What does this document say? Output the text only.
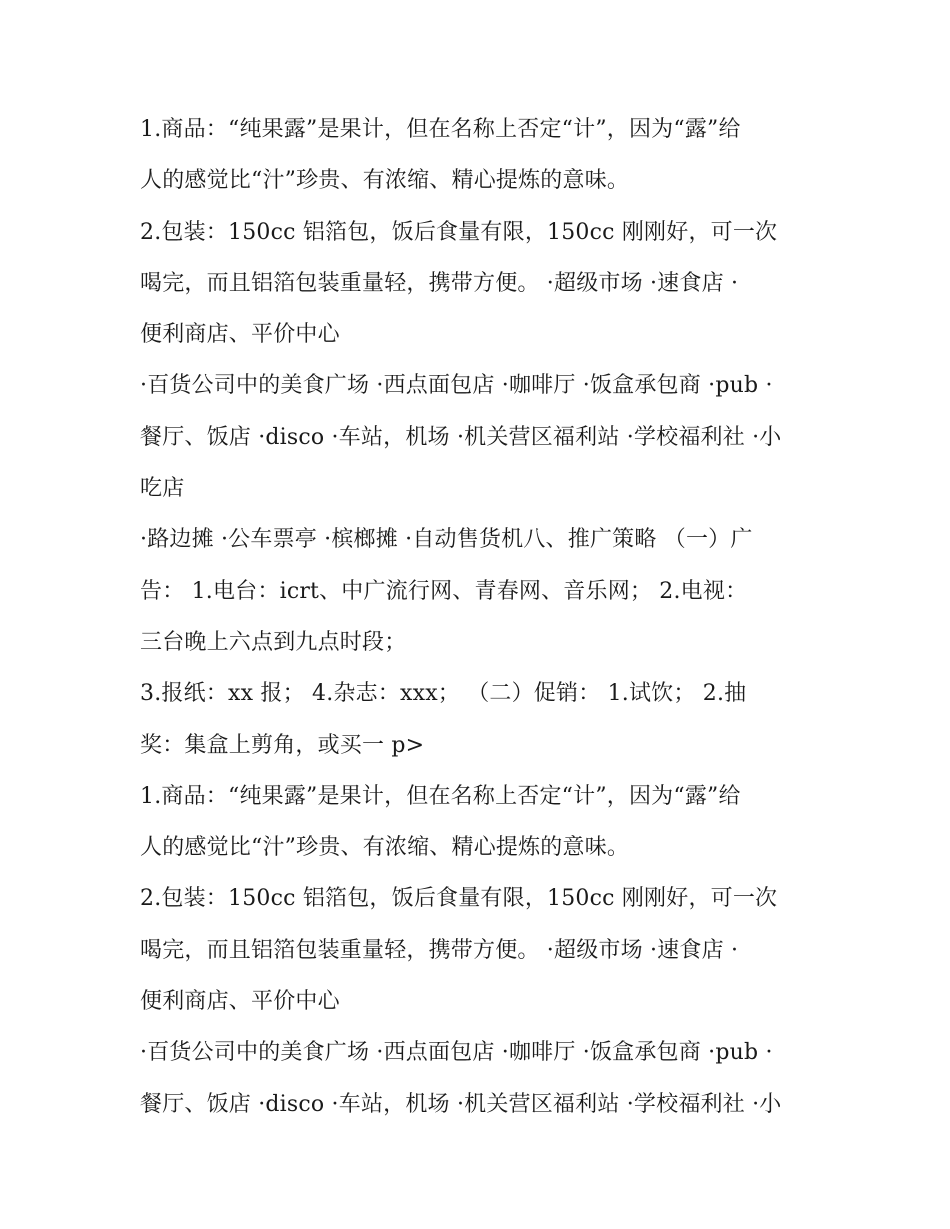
1.商品：“纯果露”是果计，但在名称上否定“计”，因为“露”给
人的感觉比“汁”珍贵、有浓缩、精心提炼的意味。
2.包装：150cc 铝箔包，饭后食量有限，150cc 刚刚好，可一次
喝完，而且铝箔包装重量轻，携带方便。 ·超级市场 ·速食店 ·
便利商店、平价中心
·百货公司中的美食广场 ·西点面包店 ·咖啡厅 ·饭盒承包商 ·pub ·
餐厅、饭店 ·disco ·车站，机场 ·机关营区福利站 ·学校福利社 ·小
吃店
·路边摊 ·公车票亭 ·槟榔摊 ·自动售货机八、推广策略 （一）广
告： 1.电台：icrt、中广流行网、青春网、音乐网； 2.电视：
三台晚上六点到九点时段；
3.报纸：xx 报； 4.杂志：xxx； （二）促销： 1.试饮； 2.抽
奖：集盒上剪角，或买一 p>
1.商品：“纯果露”是果计，但在名称上否定“计”，因为“露”给
人的感觉比“汁”珍贵、有浓缩、精心提炼的意味。
2.包装：150cc 铝箔包，饭后食量有限，150cc 刚刚好，可一次
喝完，而且铝箔包装重量轻，携带方便。 ·超级市场 ·速食店 ·
便利商店、平价中心
·百货公司中的美食广场 ·西点面包店 ·咖啡厅 ·饭盒承包商 ·pub ·
餐厅、饭店 ·disco ·车站，机场 ·机关营区福利站 ·学校福利社 ·小
